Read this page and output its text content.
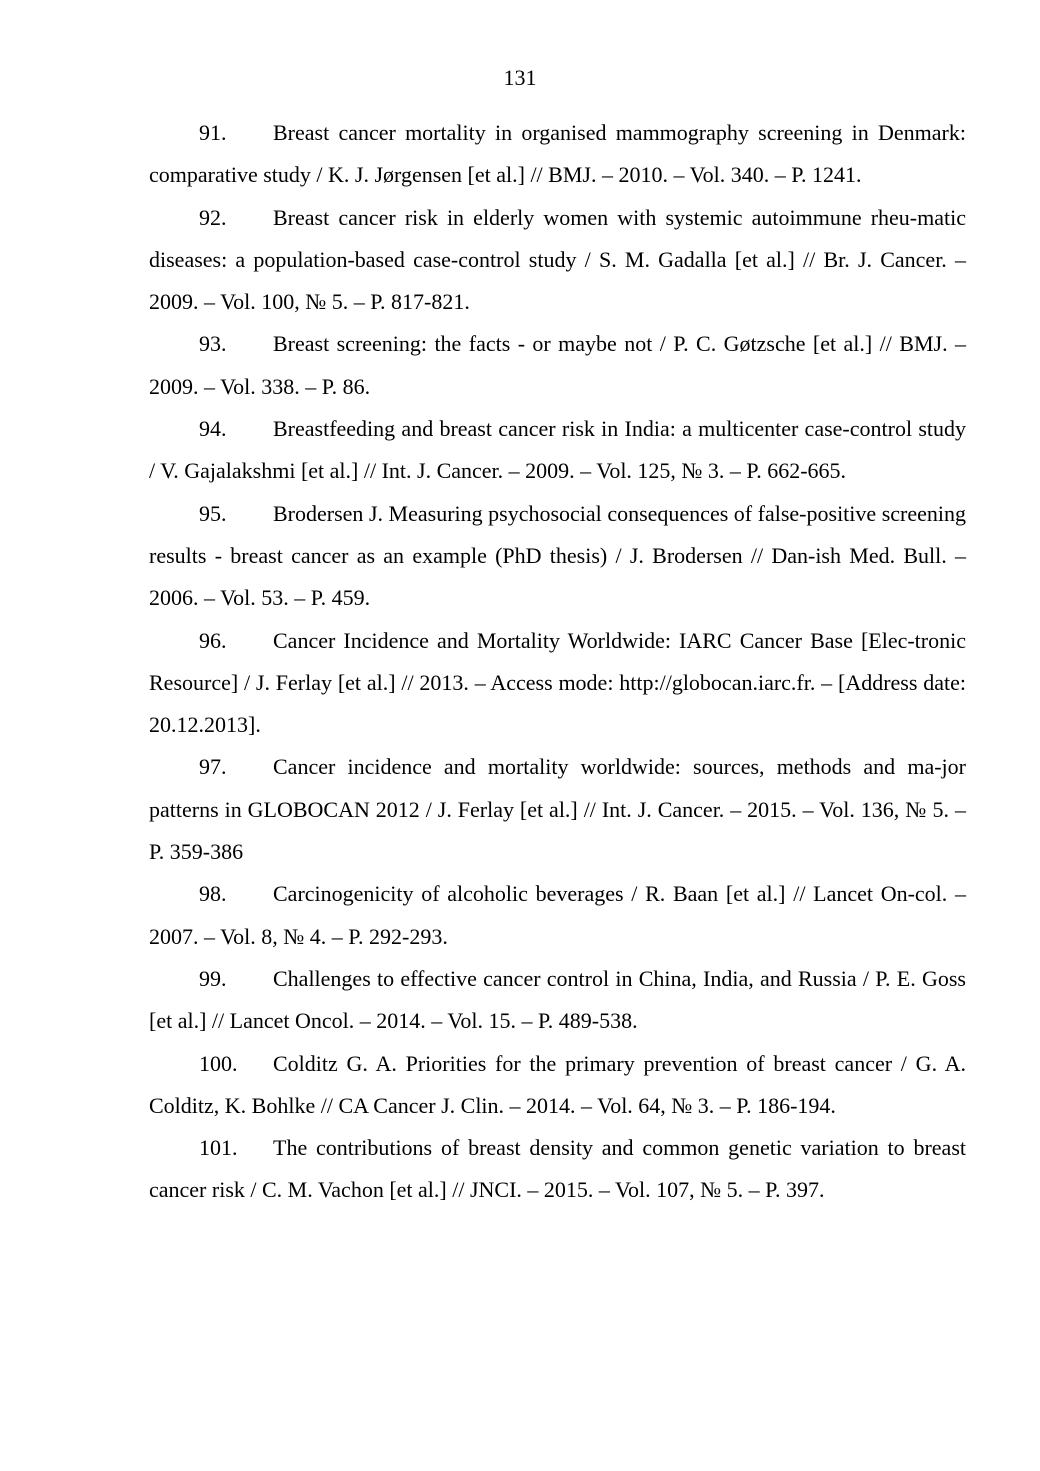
131

91. Breast cancer mortality in organised mammography screening in Denmark: comparative study / K. J. Jørgensen [et al.] // BMJ. – 2010. – Vol. 340. – P. 1241.

92. Breast cancer risk in elderly women with systemic autoimmune rheu-matic diseases: a population-based case-control study / S. M. Gadalla [et al.] // Br. J. Cancer. – 2009. – Vol. 100, № 5. – P. 817-821.

93. Breast screening: the facts - or maybe not / P. C. Gøtzsche [et al.] // BMJ. – 2009. – Vol. 338. – P. 86.

94. Breastfeeding and breast cancer risk in India: a multicenter case-control study / V. Gajalakshmi [et al.] // Int. J. Cancer. – 2009. – Vol. 125, № 3. – P. 662-665.

95. Brodersen J. Measuring psychosocial consequences of false-positive screening results - breast cancer as an example (PhD thesis) / J. Brodersen // Dan-ish Med. Bull. – 2006. – Vol. 53. – P. 459.

96. Cancer Incidence and Mortality Worldwide: IARC Cancer Base [Elec-tronic Resource] / J. Ferlay [et al.] // 2013. – Access mode: http://globocan.iarc.fr. – [Address date: 20.12.2013].

97. Cancer incidence and mortality worldwide: sources, methods and ma-jor patterns in GLOBOCAN 2012 / J. Ferlay [et al.] // Int. J. Cancer. – 2015. – Vol. 136, № 5. – P. 359-386

98. Carcinogenicity of alcoholic beverages / R. Baan [et al.] // Lancet On-col. – 2007. – Vol. 8, № 4. – P. 292-293.

99. Challenges to effective cancer control in China, India, and Russia / P. E. Goss [et al.] // Lancet Oncol. – 2014. – Vol. 15. – P. 489-538.

100. Colditz G. A. Priorities for the primary prevention of breast cancer / G. A. Colditz, K. Bohlke // CA Cancer J. Clin. – 2014. – Vol. 64, № 3. – P. 186-194.

101. The contributions of breast density and common genetic variation to breast cancer risk / C. M. Vachon [et al.] // JNCI. – 2015. – Vol. 107, № 5. – P. 397.
